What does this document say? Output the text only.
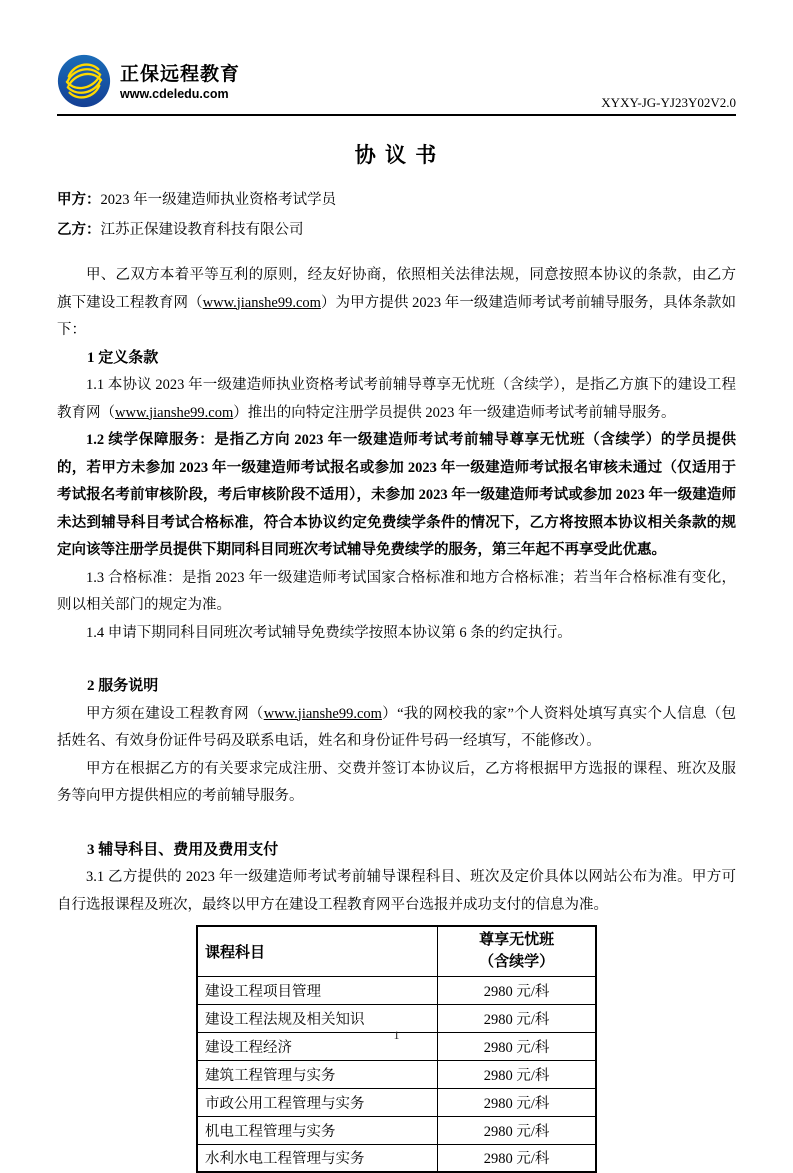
正保远程教育
www.cdeledu.com
XYXY-JG-YJ23Y02V2.0
协 议 书
甲方：2023 年一级建造师执业资格考试学员
乙方：江苏正保建设教育科技有限公司

甲、乙双方本着平等互利的原则，经友好协商，依照相关法律法规，同意按照本协议的条款，由乙方旗下建设工程教育网（www.jianshe99.com）为甲方提供 2023 年一级建造师考试考前辅导服务，具体条款如下：

1 定义条款

1.1 本协议 2023 年一级建造师执业资格考试考前辅导尊享无忧班（含续学），是指乙方旗下的建设工程教育网（www.jianshe99.com）推出的向特定注册学员提供 2023 年一级建造师考试考前辅导服务。

1.2 续学保障服务：是指乙方向 2023 年一级建造师考试考前辅导尊享无忧班（含续学）的学员提供的，若甲方未参加 2023 年一级建造师考试报名或参加 2023 年一级建造师考试报名审核未通过（仅适用于考试报名考前审核阶段，考后审核阶段不适用），未参加 2023 年一级建造师考试或参加 2023 年一级建造师未达到辅导科目考试合格标准，符合本协议约定免费续学条件的情况下，乙方将按照本协议相关条款的规定向该等注册学员提供下期同科目同班次考试辅导免费续学的服务，第三年起不再享受此优惠。

1.3 合格标准：是指 2023 年一级建造师考试国家合格标准和地方合格标准；若当年合格标准有变化，则以相关部门的规定为准。

1.4 申请下期同科目同班次考试辅导免费续学按照本协议第 6 条的约定执行。

2 服务说明

甲方须在建设工程教育网（www.jianshe99.com）“我的网校我的家”个人资料处填写真实个人信息（包括姓名、有效身份证件号码及联系电话，姓名和身份证件号码一经填写，不能修改）。

甲方在根据乙方的有关要求完成注册、交费并签订本协议后，乙方将根据甲方选报的课程、班次及服务等向甲方提供相应的考前辅导服务。

3 辅导科目、费用及费用支付

3.1 乙方提供的 2023 年一级建造师考试考前辅导课程科目、班次及定价具体以网站公布为准。甲方可自行选报课程及班次，最终以甲方在建设工程教育网平台选报并成功支付的信息为准。

课程科目	尊享无忧班
（含续学）

建设工程项目管理	2980 元/科
建设工程法规及相关知识	2980 元/科
建设工程经济	2980 元/科
建筑工程管理与实务	2980 元/科
市政公用工程管理与实务	2980 元/科
机电工程管理与实务	2980 元/科
水利水电工程管理与实务	2980 元/科
1
